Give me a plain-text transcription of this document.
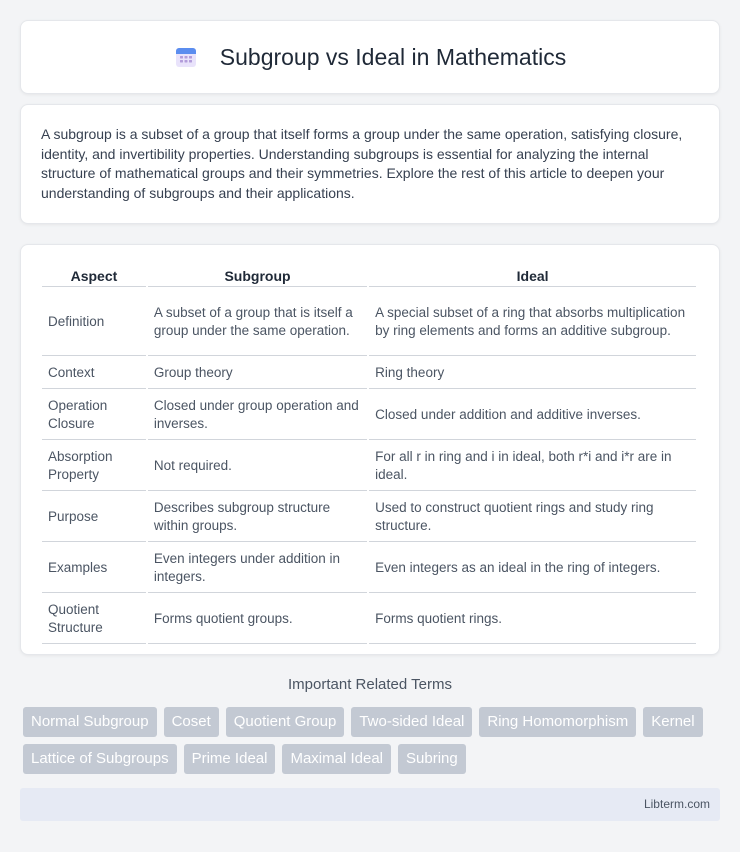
Subgroup vs Ideal in Mathematics

A subgroup is a subset of a group that itself forms a group under the same operation, satisfying closure, identity, and invertibility properties. Understanding subgroups is essential for analyzing the internal structure of mathematical groups and their symmetries. Explore the rest of this article to deepen your understanding of subgroups and their applications.

Aspect	Subgroup	Ideal
Definition	A subset of a group that is itself a group under the same operation.	A special subset of a ring that absorbs multiplication by ring elements and forms an additive subgroup.
Context	Group theory	Ring theory
Operation Closure	Closed under group operation and inverses.	Closed under addition and additive inverses.
Absorption Property	Not required.	For all r in ring and i in ideal, both r*i and i*r are in ideal.
Purpose	Describes subgroup structure within groups.	Used to construct quotient rings and study ring structure.
Examples	Even integers under addition in integers.	Even integers as an ideal in the ring of integers.
Quotient Structure	Forms quotient groups.	Forms quotient rings.
Important Related Terms
Normal Subgroup	Coset	Quotient Group	Two-sided Ideal	Ring Homomorphism	Kernel
Lattice of Subgroups	Prime Ideal	Maximal Ideal	Subring
Libterm.com
